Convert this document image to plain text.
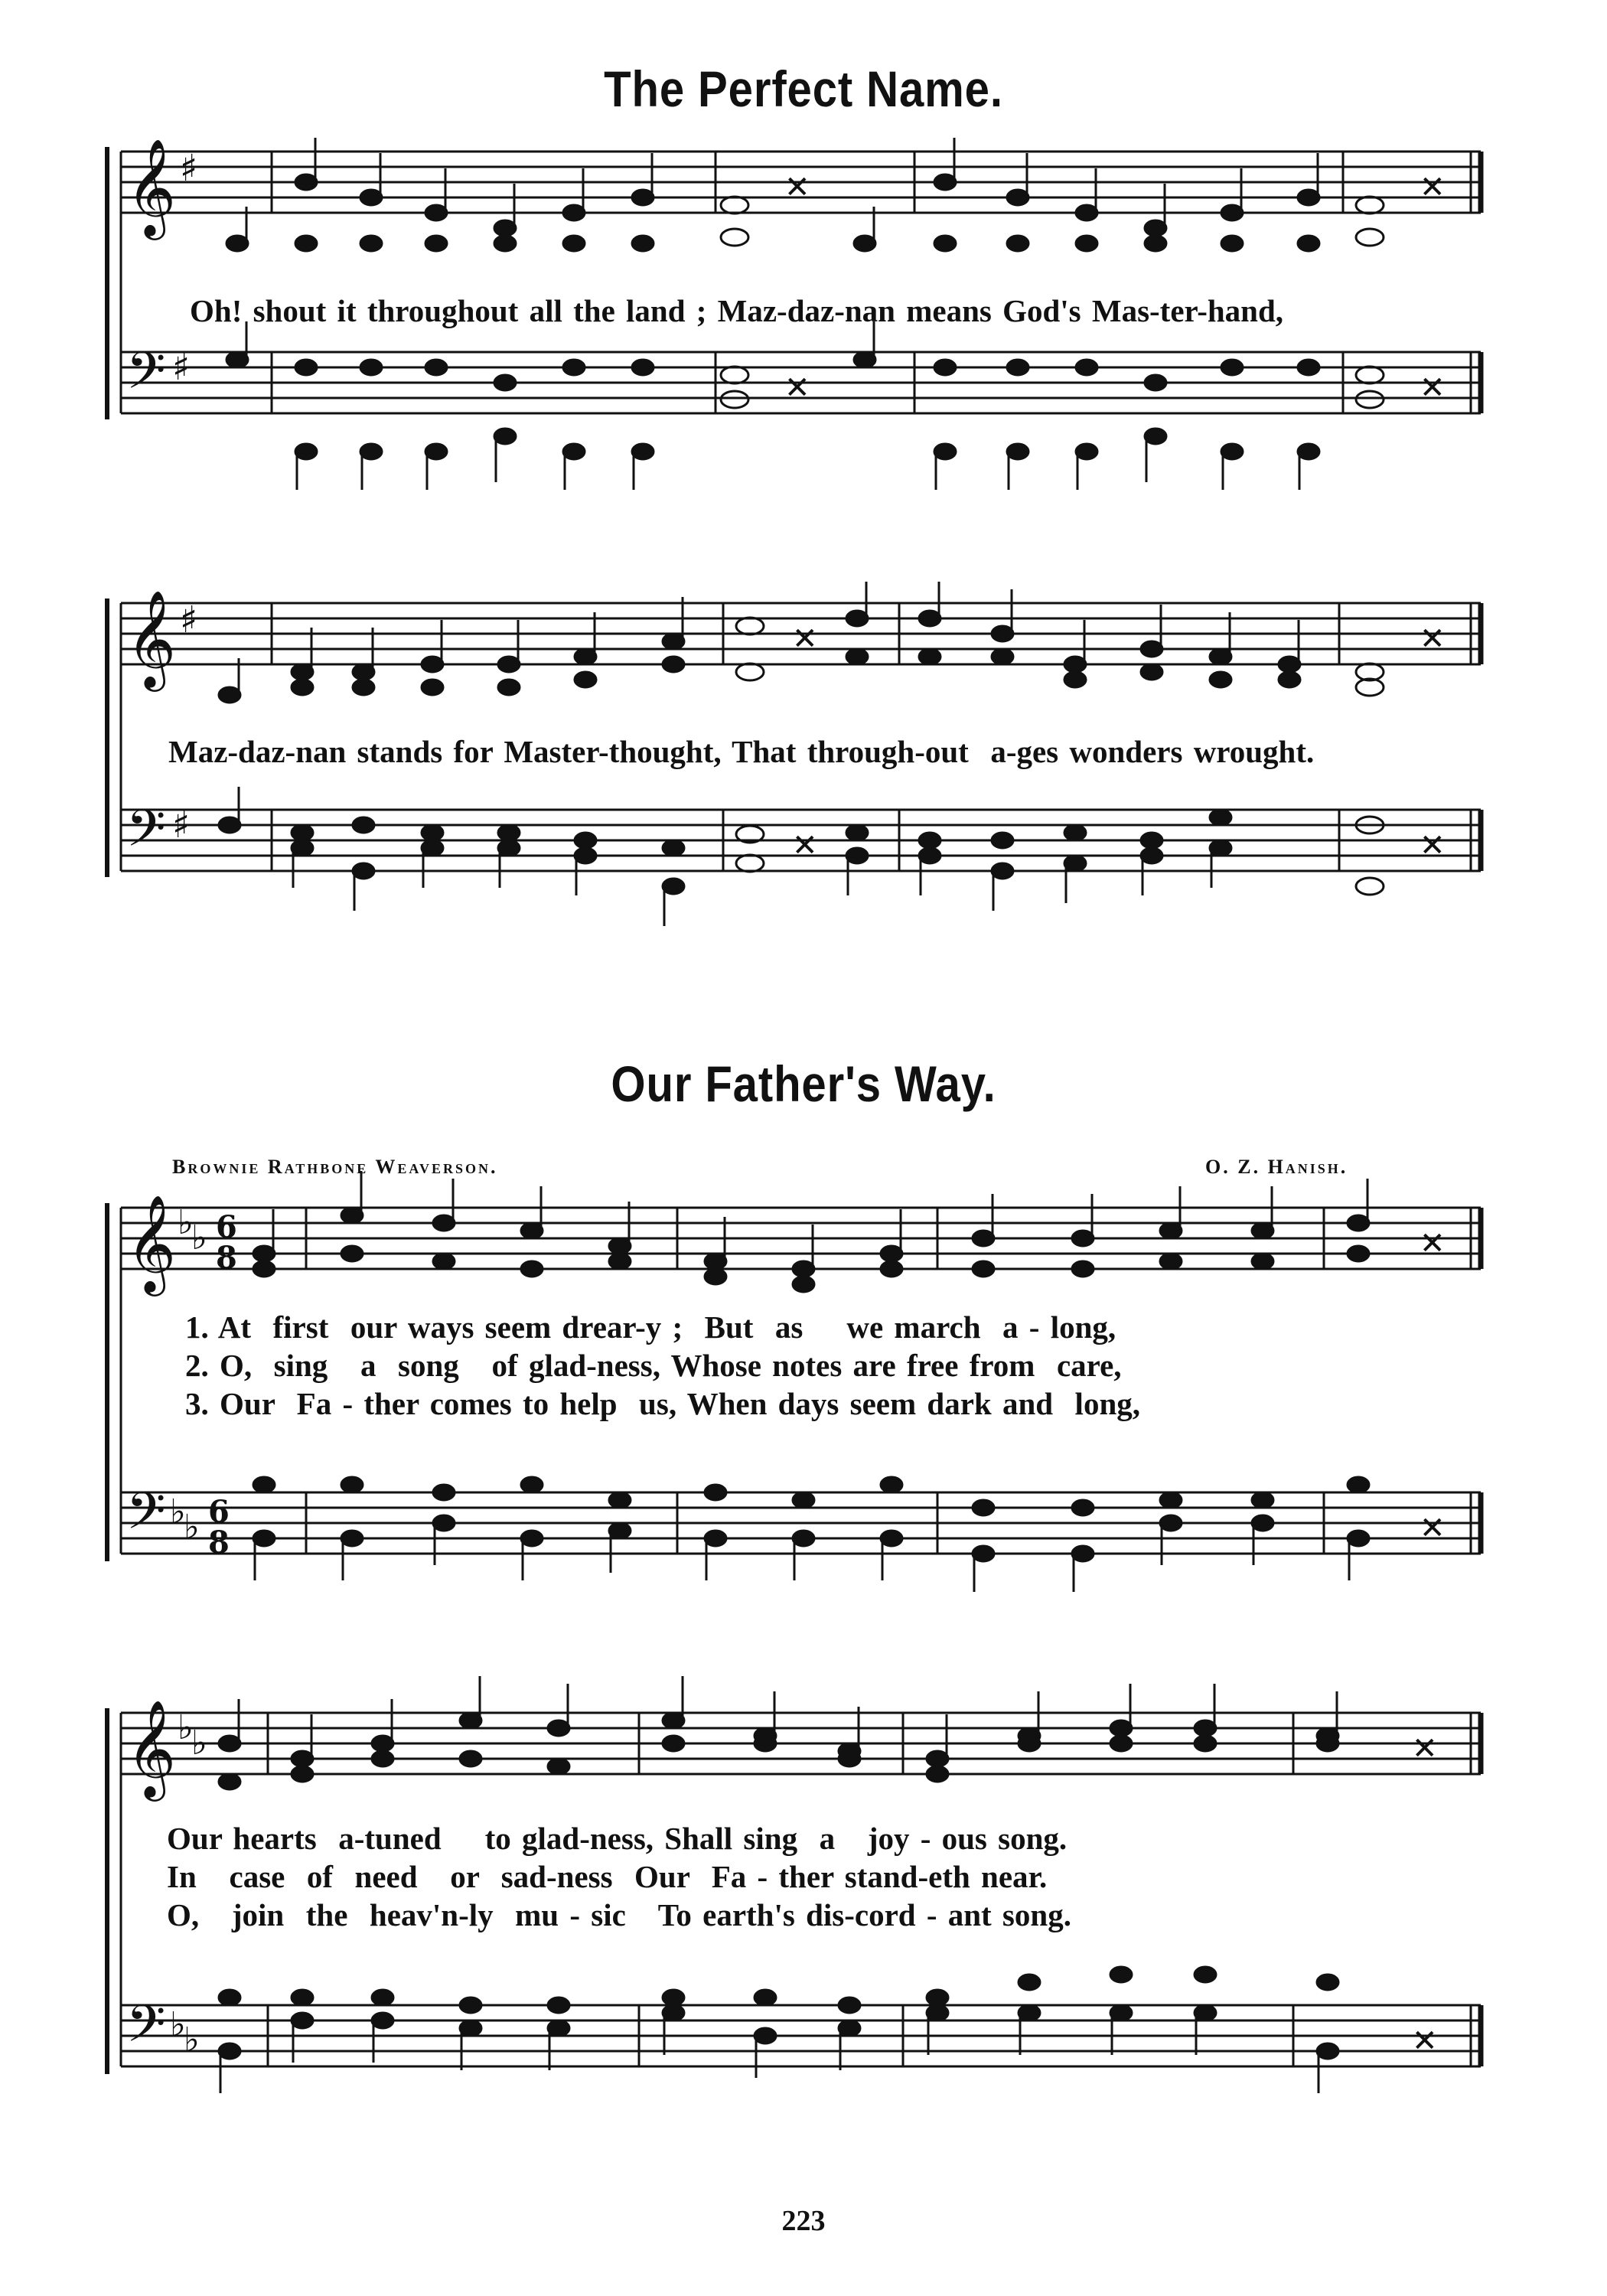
The Perfect Name.
𝄞
𝄢
♯
♯
✕	✕
✕	✕
Oh! shout it throughout all the land ; Maz-daz-nan means God's Mas-ter-hand,
𝄞
𝄢
♯
♯
✕	✕
✕	✕
Maz-daz-nan stands for Master-thought, That through-out  a-ges wonders wrought.
Our Father's Way.
Brownie Rathbone Weaverson.	O. Z. Hanish.
𝄞
𝄢
♭
♭
♭
♭
6
8
6
8
✕
✕
1. At  first  our ways seem drear-y ;  But  as    we march  a - long,
2. O,  sing   a  song   of glad-ness, Whose notes are free from  care,
3. Our  Fa - ther comes to help  us, When days seem dark and  long,
𝄞
𝄢
♭
♭
♭
♭
✕
✕
Our hearts  a-tuned    to glad-ness, Shall sing  a   joy - ous song.
In   case  of  need   or  sad-ness  Our  Fa - ther stand-eth near.
O,   join  the  heav'n-ly  mu - sic   To earth's dis-cord - ant song.
223
